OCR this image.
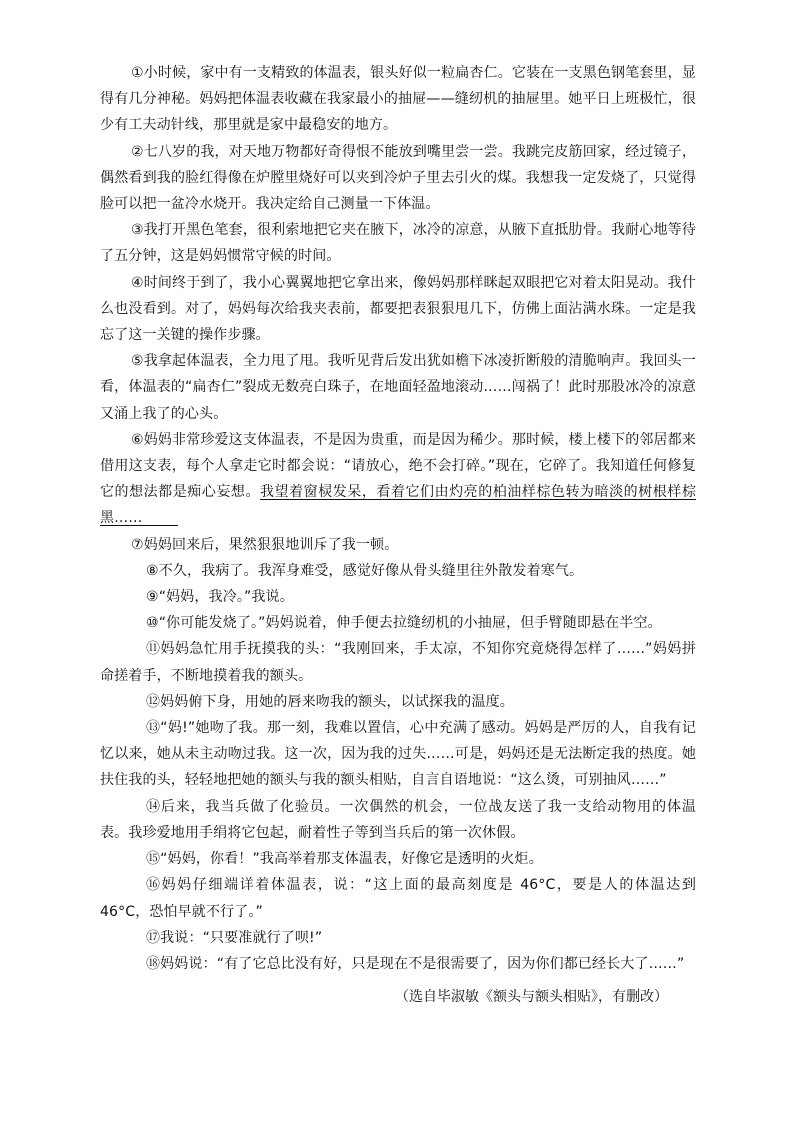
①小时候，家中有一支精致的体温表，银头好似一粒扁杏仁。它装在一支黑色钢笔套里，显得有几分神秘。妈妈把体温表收藏在我家最小的抽屉——缝纫机的抽屉里。她平日上班极忙，很少有工夫动针线，那里就是家中最稳安的地方。

②七八岁的我，对天地万物都好奇得恨不能放到嘴里尝一尝。我跳完皮筋回家，经过镜子，偶然看到我的脸红得像在炉膛里烧好可以夹到冷炉子里去引火的煤。我想我一定发烧了，只觉得脸可以把一盆冷水烧开。我决定给自己测量一下体温。

③我打开黑色笔套，很利索地把它夹在腋下，冰冷的凉意，从腋下直抵肋骨。我耐心地等待了五分钟，这是妈妈惯常守候的时间。

④时间终于到了，我小心翼翼地把它拿出来，像妈妈那样眯起双眼把它对着太阳晃动。我什么也没看到。对了，妈妈每次给我夹表前，都要把表狠狠甩几下，仿佛上面沾满水珠。一定是我忘了这一关键的操作步骤。

⑤我拿起体温表，全力甩了甩。我听见背后发出犹如檐下冰凌折断般的清脆响声。我回头一看，体温表的“扁杏仁”裂成无数亮白珠子，在地面轻盈地滚动……闯祸了！此时那股冰冷的凉意又涌上我了的心头。

⑥妈妈非常珍爱这支体温表，不是因为贵重，而是因为稀少。那时候，楼上楼下的邻居都来借用这支表，每个人拿走它时都会说：“请放心，绝不会打碎。”现在，它碎了。我知道任何修复它的想法都是痴心妄想。我望着窗棂发呆，看着它们由灼亮的柏油样棕色转为暗淡的树根样棕黑……

⑦妈妈回来后，果然狠狠地训斥了我一顿。

⑧不久，我病了。我浑身难受，感觉好像从骨头缝里往外散发着寒气。

⑨“妈妈，我冷。”我说。

⑩“你可能发烧了。”妈妈说着，伸手便去拉缝纫机的小抽屉，但手臂随即悬在半空。

⑪妈妈急忙用手抚摸我的头：“我刚回来，手太凉，不知你究竟烧得怎样了……”妈妈拼命搓着手，不断地摸着我的额头。

⑫妈妈俯下身，用她的唇来吻我的额头，以试探我的温度。

⑬“妈!”她吻了我。那一刻，我难以置信，心中充满了感动。妈妈是严厉的人，自我有记忆以来，她从未主动吻过我。这一次，因为我的过失……可是，妈妈还是无法断定我的热度。她扶住我的头，轻轻地把她的额头与我的额头相贴，自言自语地说：“这么烫，可别抽风……”

⑭后来，我当兵做了化验员。一次偶然的机会，一位战友送了我一支给动物用的体温表。我珍爱地用手绢将它包起，耐着性子等到当兵后的第一次休假。

⑮“妈妈，你看！”我高举着那支体温表，好像它是透明的火炬。

⑯妈妈仔细端详着体温表，说：“这上面的最高刻度是 46°C，要是人的体温达到 46°C，恐怕早就不行了。”

⑰我说：“只要准就行了呗!”

⑱妈妈说：“有了它总比没有好，只是现在不是很需要了，因为你们都已经长大了……”

（选自毕淑敏《额头与额头相贴》，有删改）
